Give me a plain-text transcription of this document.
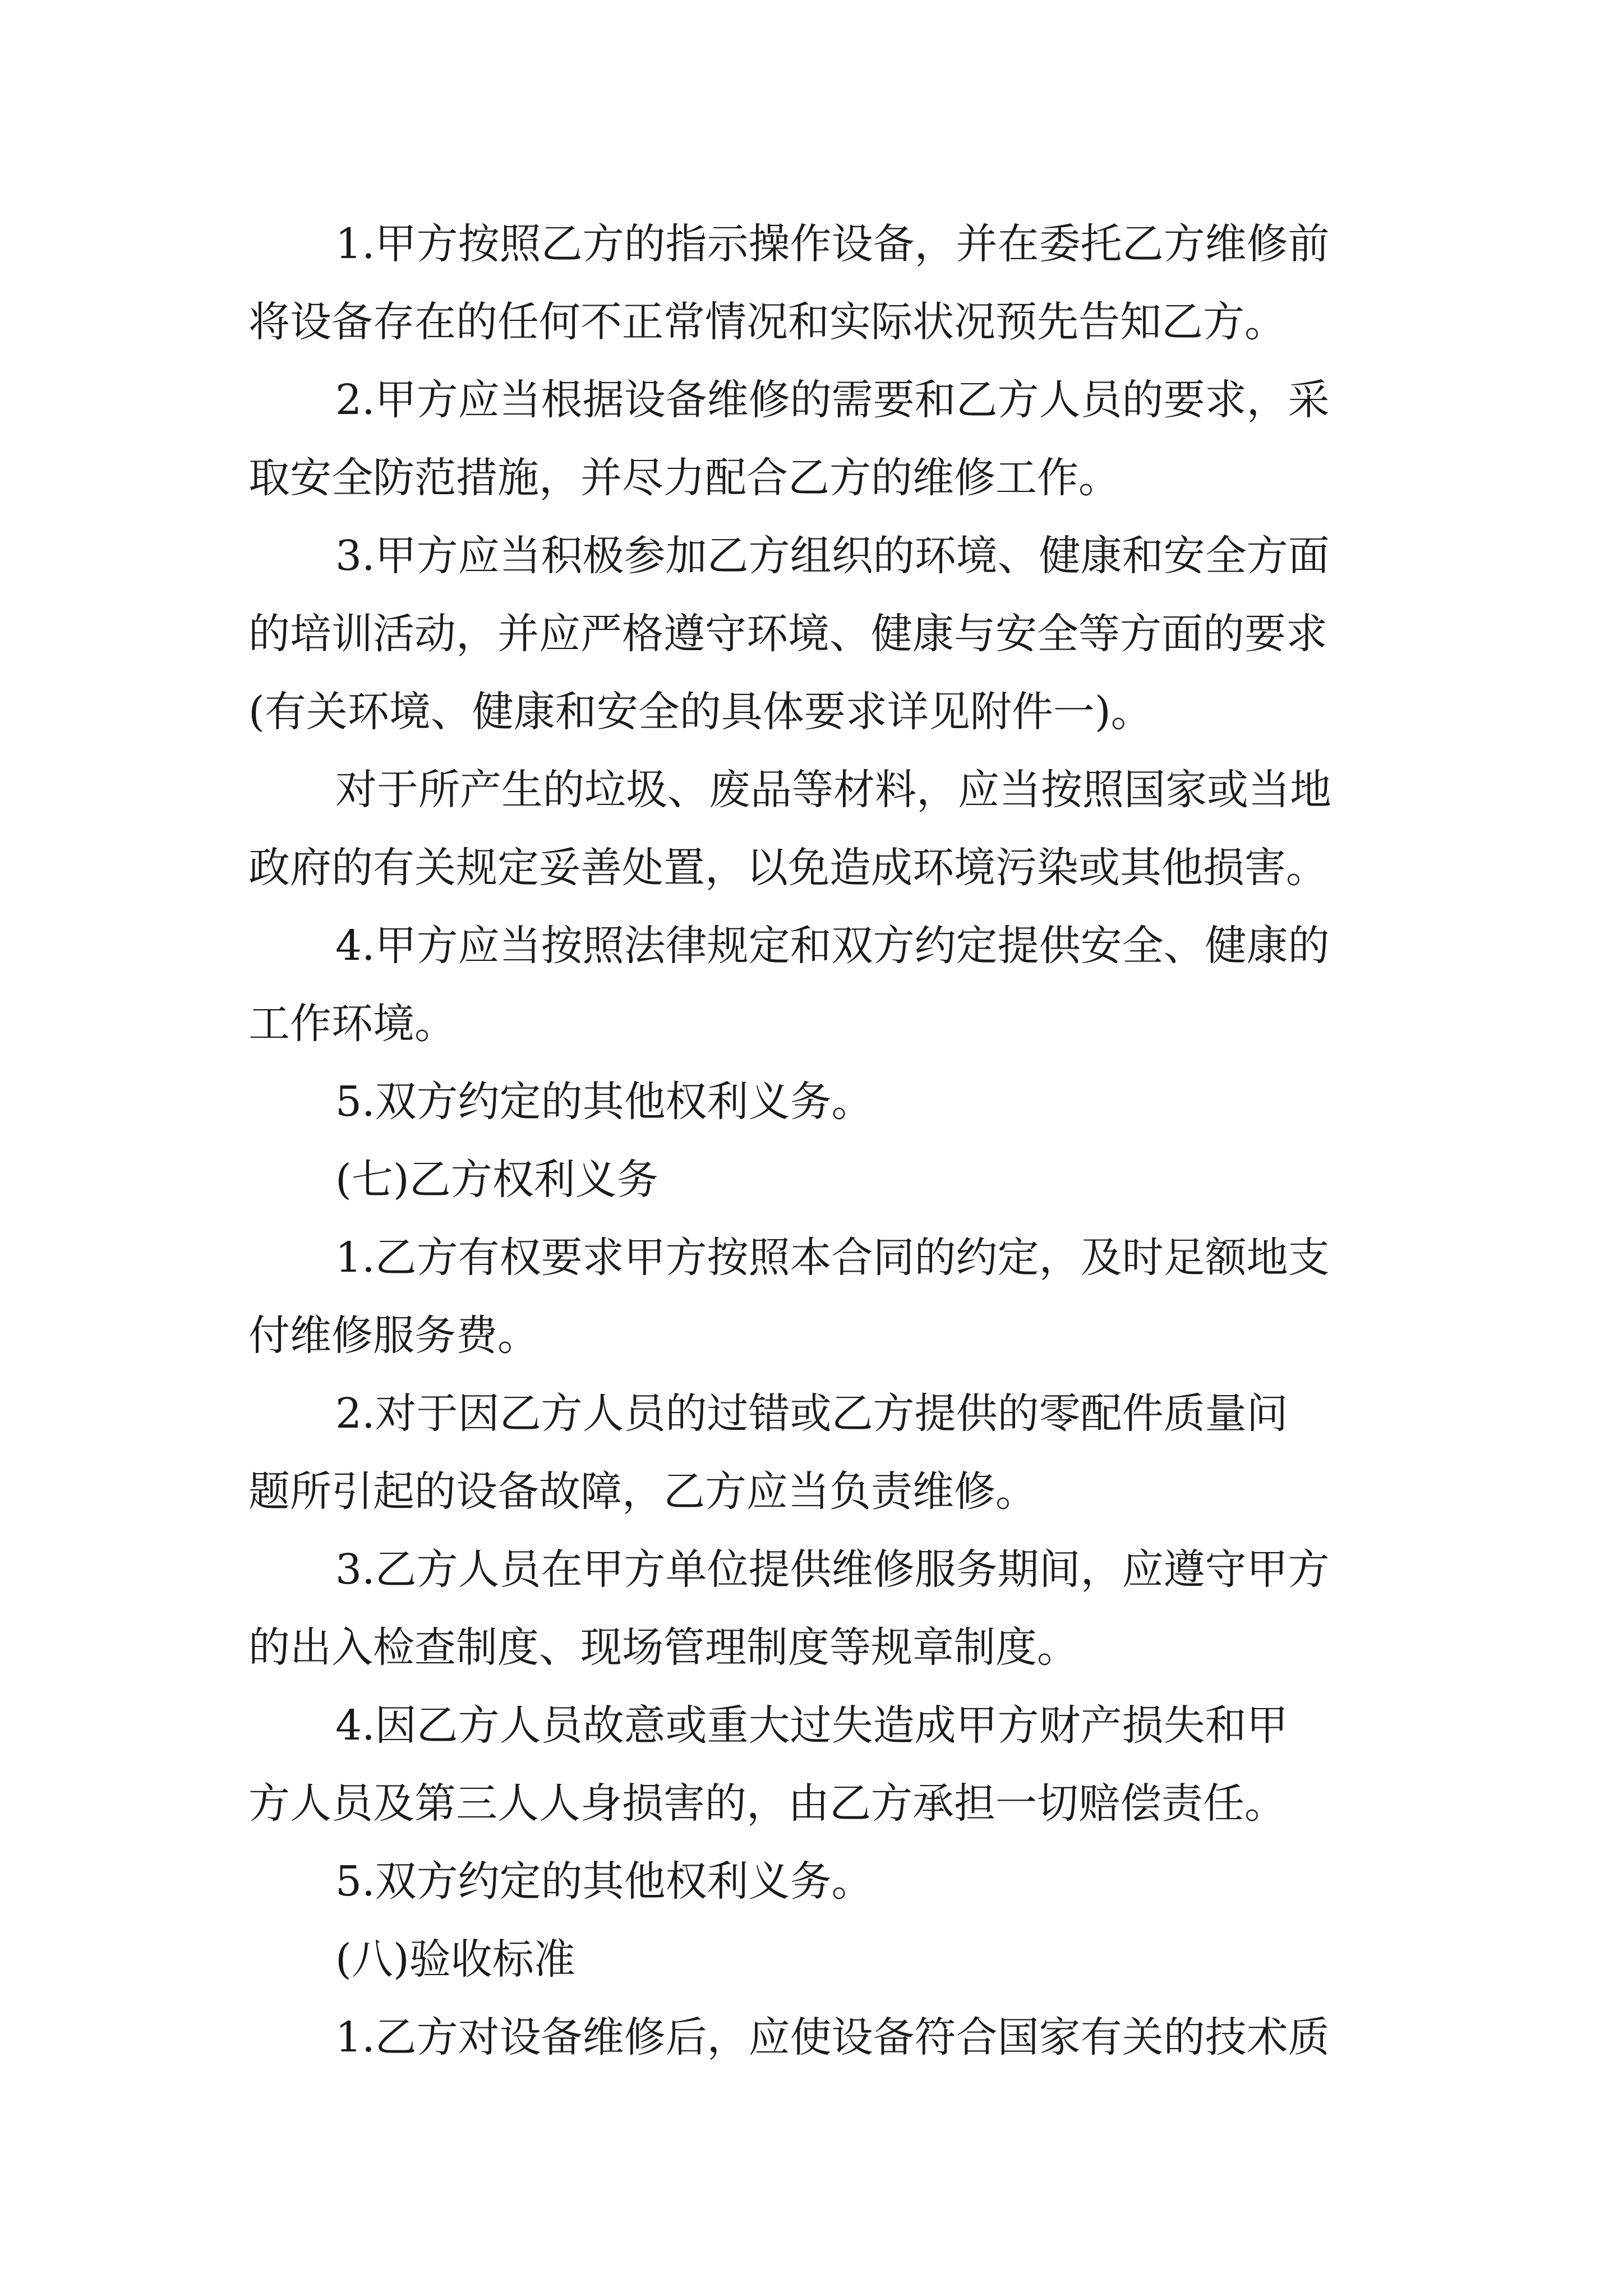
1.甲方按照乙方的指示操作设备，并在委托乙方维修前
将设备存在的任何不正常情况和实际状况预先告知乙方。
2.甲方应当根据设备维修的需要和乙方人员的要求，采
取安全防范措施，并尽力配合乙方的维修工作。
3.甲方应当积极参加乙方组织的环境、健康和安全方面
的培训活动，并应严格遵守环境、健康与安全等方面的要求
(有关环境、健康和安全的具体要求详见附件一)。
对于所产生的垃圾、废品等材料，应当按照国家或当地
政府的有关规定妥善处置，以免造成环境污染或其他损害。
4.甲方应当按照法律规定和双方约定提供安全、健康的
工作环境。
5.双方约定的其他权利义务。
(七)乙方权利义务
1.乙方有权要求甲方按照本合同的约定，及时足额地支
付维修服务费。
2.对于因乙方人员的过错或乙方提供的零配件质量问
题所引起的设备故障，乙方应当负责维修。
3.乙方人员在甲方单位提供维修服务期间，应遵守甲方
的出入检查制度、现场管理制度等规章制度。
4.因乙方人员故意或重大过失造成甲方财产损失和甲
方人员及第三人人身损害的，由乙方承担一切赔偿责任。
5.双方约定的其他权利义务。
(八)验收标准
1.乙方对设备维修后，应使设备符合国家有关的技术质
